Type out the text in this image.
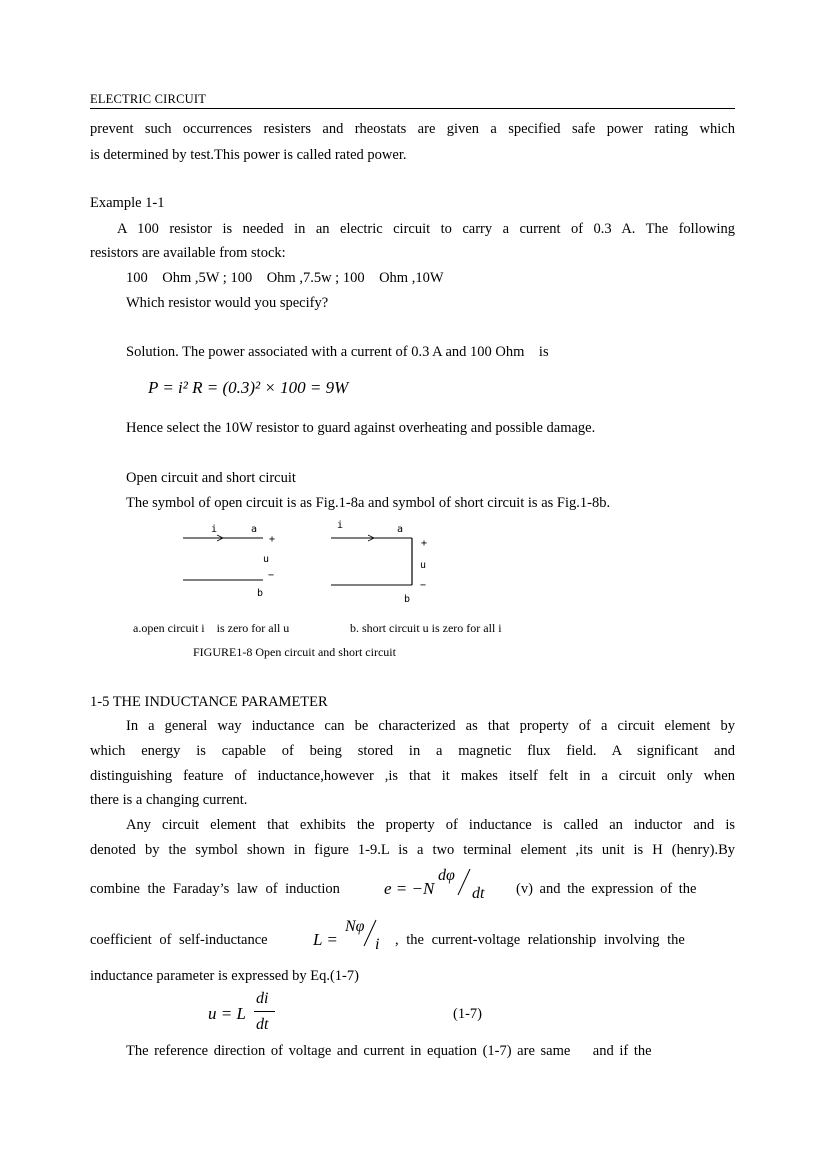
ELECTRIC CIRCUIT
prevent such occurrences resisters and rheostats are given a specified safe power rating which
is determined by test.This power is called rated power.
Example 1-1
A 100 resistor is needed in an electric circuit to carry a current of 0.3 A. The following
resistors are available from stock:
100    Ohm ,5W ; 100    Ohm ,7.5w ; 100    Ohm ,10W
Which resistor would you specify?
Solution. The power associated with a current of 0.3 A and 100 Ohm    is
P = i² R = (0.3)² × 100 = 9W
Hence select the 10W resistor to guard against overheating and possible damage.
Open circuit and short circuit
The symbol of open circuit is as Fig.1-8a and symbol of short circuit is as Fig.1-8b.
i	a
+
u
−
b
i	a
+
u
−
b
a.open circuit i    is zero for all u	b. short circuit u is zero for all i
FIGURE1-8 Open circuit and short circuit
1-5 THE INDUCTANCE PARAMETER
In a general way inductance can be characterized as that property of a circuit element by
which energy is capable of being stored in a magnetic flux field. A significant and
distinguishing feature of inductance,however ,is that it makes itself felt in a circuit only when
there is a changing current.
Any circuit element that exhibits the property of inductance is called an inductor and is
denoted by the symbol shown in figure 1-9.L is a two terminal element ,its unit is H (henry).By
combine the Faraday’s law of induction	e = −N
dφ
dt (v) and the expression of the
coefficient of self-inductance	L =
Nφ
i , the current-voltage relationship involving the
inductance parameter is expressed by Eq.(1-7)
u = L
di
dt
(1-7)
The reference direction of voltage and current in equation (1-7) are same    and if the
